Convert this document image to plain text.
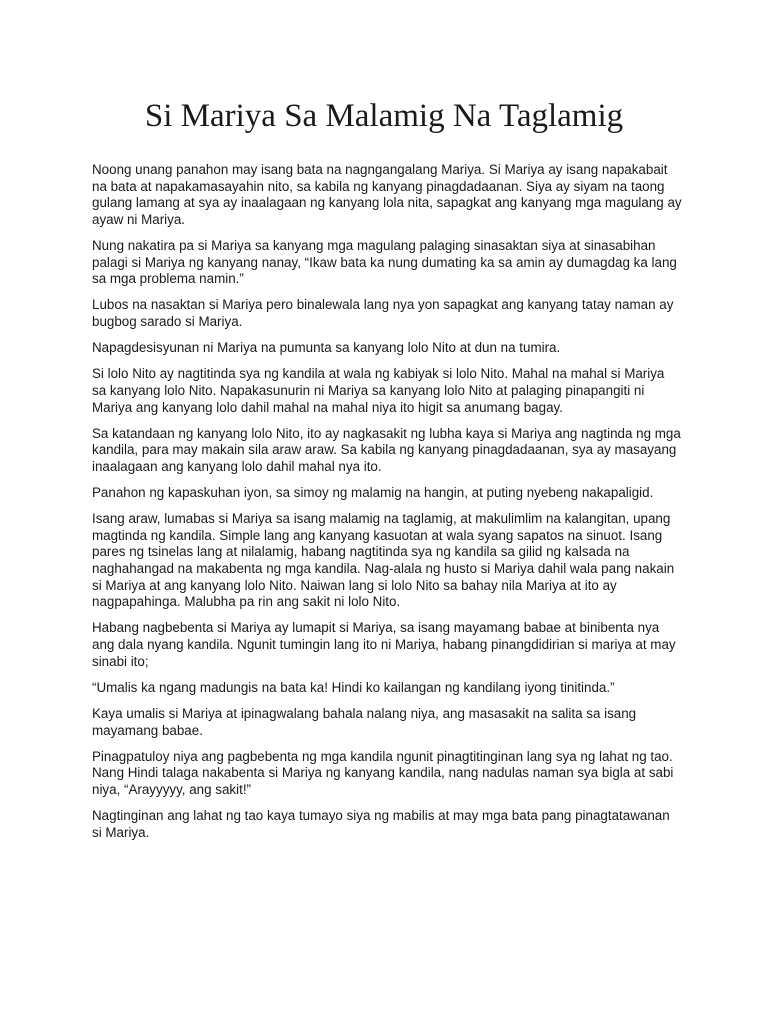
Si Mariya Sa Malamig Na Taglamig

Noong unang panahon may isang bata na nagngangalang Mariya. Si Mariya ay isang napakabait na bata at napakamasayahin nito, sa kabila ng kanyang pinagdadaanan. Siya ay siyam na taong gulang lamang at sya ay inaalagaan ng kanyang lola nita, sapagkat ang kanyang mga magulang ay ayaw ni Mariya.

Nung nakatira pa si Mariya sa kanyang mga magulang palaging sinasaktan siya at sinasabihan palagi si Mariya ng kanyang nanay, “Ikaw bata ka nung dumating ka sa amin ay dumagdag ka lang sa mga problema namin.”

Lubos na nasaktan si Mariya pero binalewala lang nya yon sapagkat ang kanyang tatay naman ay bugbog sarado si Mariya.

Napagdesisyunan ni Mariya na pumunta sa kanyang lolo Nito at dun na tumira.

Si lolo Nito ay nagtitinda sya ng kandila at wala ng kabiyak si lolo Nito. Mahal na mahal si Mariya sa kanyang lolo Nito. Napakasunurin ni Mariya sa kanyang lolo Nito at palaging pinapangiti ni Mariya ang kanyang lolo dahil mahal na mahal niya ito higit sa anumang bagay.

Sa katandaan ng kanyang lolo Nito, ito ay nagkasakit ng lubha kaya si Mariya ang nagtinda ng mga kandila, para may makain sila araw araw. Sa kabila ng kanyang pinagdadaanan, sya ay masayang inaalagaan ang kanyang lolo dahil mahal nya ito.

Panahon ng kapaskuhan iyon, sa simoy ng malamig na hangin, at puting nyebeng nakapaligid.

Isang araw, lumabas si Mariya sa isang malamig na taglamig, at makulimlim na kalangitan, upang magtinda ng kandila. Simple lang ang kanyang kasuotan at wala syang sapatos na sinuot. Isang pares ng tsinelas lang at nilalamig, habang nagtitinda sya ng kandila sa gilid ng kalsada na naghahangad na makabenta ng mga kandila. Nag-alala ng husto si Mariya dahil wala pang nakain si Mariya at ang kanyang lolo Nito. Naiwan lang si lolo Nito sa bahay nila Mariya at ito ay nagpapahinga. Malubha pa rin ang sakit ni lolo Nito.

Habang nagbebenta si Mariya ay lumapit si Mariya, sa isang mayamang babae at binibenta nya ang dala nyang kandila. Ngunit tumingin lang ito ni Mariya, habang pinangdidirian si mariya at may sinabi ito;

“Umalis ka ngang madungis na bata ka! Hindi ko kailangan ng kandilang iyong tinitinda.”

Kaya umalis si Mariya at ipinagwalang bahala nalang niya, ang masasakit na salita sa isang mayamang babae.

Pinagpatuloy niya ang pagbebenta ng mga kandila ngunit pinagtitinginan lang sya ng lahat ng tao. Nang Hindi talaga nakabenta si Mariya ng kanyang kandila, nang nadulas naman sya bigla at sabi niya, “Arayyyyy, ang sakit!”

Nagtinginan ang lahat ng tao kaya tumayo siya ng mabilis at may mga bata pang pinagtatawanan si Mariya.
